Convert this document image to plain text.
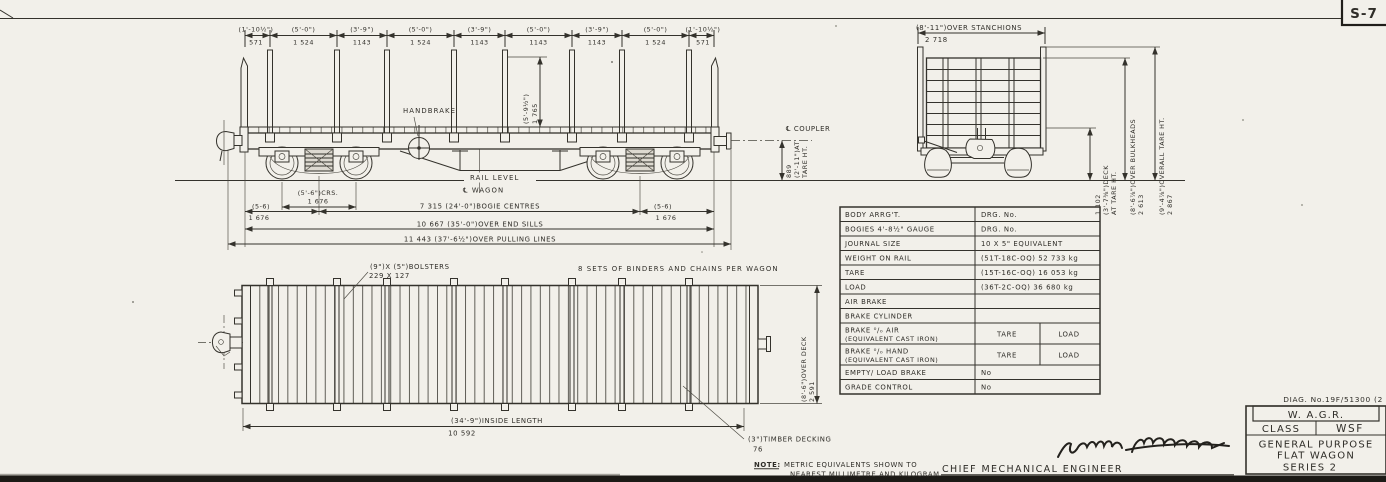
S-7
(1'-10½")	(5'-0")	(3'-9")	(5'-0")	(3'-9")	(5'-0")	(3'-9")	(5'-0")	(1'-10½")
571	1 524	1143	1 524	1143	1143	1143	1 524	571
HANDBRAKE	(5'-9½") 1 765
RAIL LEVEL
℄ WAGON
889 (2'-11")AT TARE HT.
℄ COUPLER
(5'-6")CRS.
1 676
(5-6)
1 676
7 315 (24'-0")BOGIE CENTRES	(5-6)
1 676
10 667 (35'-0")OVER END SILLS
11 443 (37'-6½")OVER PULLING LINES
(8'-11")OVER STANCHIONS
2 718
1 102 (3'-7⅜")DECK AT TARE HT. (8'-6⅞")OVER BULKHEADS 2 613 (9'-4⅞")OVERALL TARE HT. 2 867
BODY ARRG'T.	DRG. No.
BOGIES 4'-8½" GAUGE	DRG. No.
JOURNAL SIZE	10 X 5" EQUIVALENT
WEIGHT ON RAIL	(51T-18C-OQ) 52 733 kg
TARE	(15T-16C-OQ) 16 053 kg
LOAD	(36T-2C-OQ) 36 680 kg
AIR BRAKE
BRAKE CYLINDER
BRAKE ⁰/₀ AIR
(EQUIVALENT CAST IRON)
TARE	LOAD
BRAKE ⁰/₀ HAND
(EQUIVALENT CAST IRON)
TARE	LOAD
EMPTY/ LOAD BRAKE	No
GRADE CONTROL	No
(9")X (5")BOLSTERS
229 X 127
8 SETS OF BINDERS AND CHAINS PER WAGON
(34'-9")INSIDE LENGTH
10 592
(8'-6")OVER DECK 2 591
(3")TIMBER DECKING
76
NOTE: METRIC EQUIVALENTS SHOWN TO
NEAREST MILLIMETRE AND KILOGRAM CHIEF MECHANICAL ENGINEER
DIAG. No.19F/51300 (2
W. A.G.R.
CLASS	WSF
GENERAL PURPOSE
FLAT WAGON
SERIES 2
